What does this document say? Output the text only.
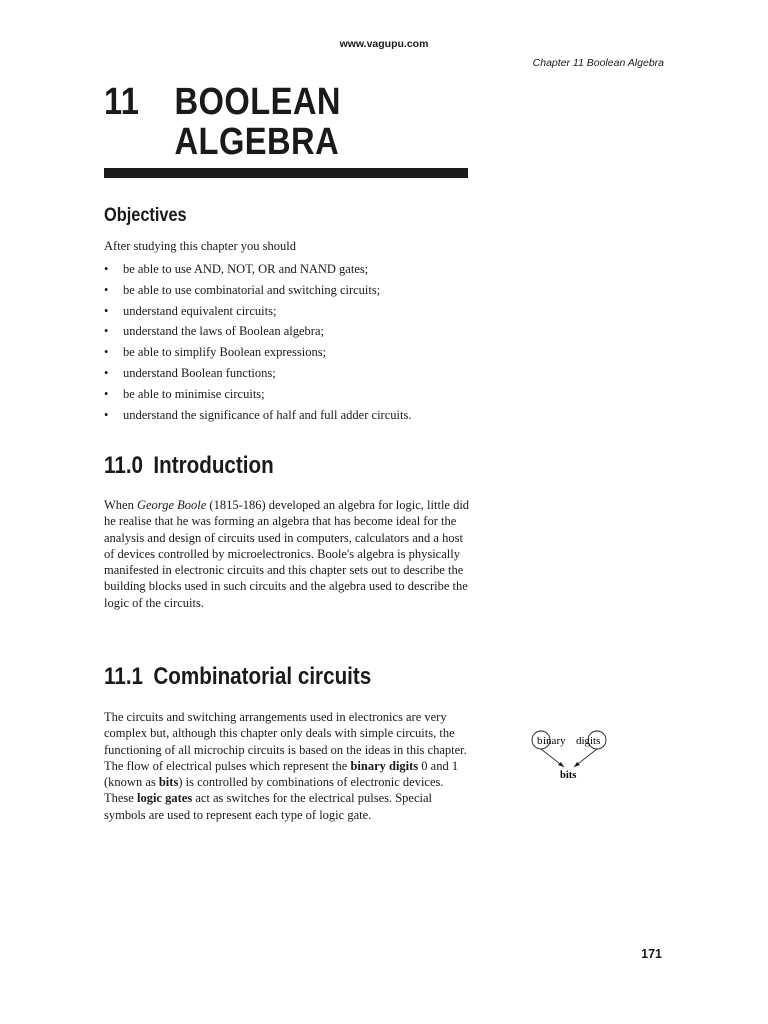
www.vagupu.com
Chapter 11 Boolean Algebra
11 BOOLEAN
ALGEBRA
Objectives
After studying this chapter you should
• be able to use AND, NOT, OR and NAND gates;
• be able to use combinatorial and switching circuits;
• understand equivalent circuits;
• understand the laws of Boolean algebra;
• be able to simplify Boolean expressions;
• understand Boolean functions;
• be able to minimise circuits;
• understand the significance of half and full adder circuits.
11.0 Introduction
When George Boole (1815-186) developed an algebra for logic, little did he realise that he was forming an algebra that has become ideal for the analysis and design of circuits used in computers, calculators and a host of devices controlled by microelectronics. Boole's algebra is physically manifested in electronic circuits and this chapter sets out to describe the building blocks used in such circuits and the algebra used to describe the logic of the circuits.
11.1 Combinatorial circuits
The circuits and switching arrangements used in electronics are very complex but, although this chapter only deals with simple circuits, the functioning of all microchip circuits is based on the ideas in this chapter. The flow of electrical pulses which represent the binary digits 0 and 1 (known as bits) is controlled by combinations of electronic devices. These logic gates act as switches for the electrical pulses. Special symbols are used to represent each type of logic gate.
b inary dig its
bits
171
